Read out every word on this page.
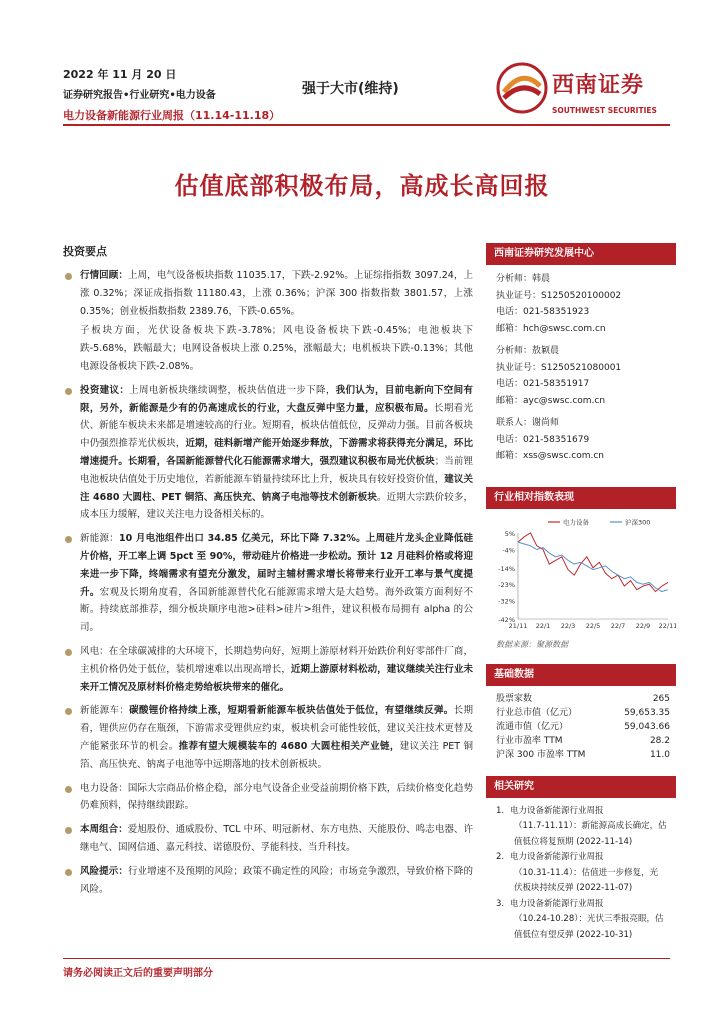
2022 年 11 月 20 日
证券研究报告•行业研究•电力设备
电力设备新能源行业周报（11.14-11.18）
强于大市(维持)	西南证券
SOUTHWEST SECURITIES
估值底部积极布局，高成长高回报
投资要点
行情回顾：上周，电气设备板块指数 11035.17，下跌-2.92%。上证综指指数 3097.24，上涨 0.32%；深证成指指数 11180.43，上涨 0.36%；沪深 300 指数指数 3801.57，上涨 0.35%；创业板指数指数 2389.76，下跌-0.65%。
子板块方面，光伏设备板块下跌-3.78%；风电设备板块下跌-0.45%；电池板块下跌-5.68%，跌幅最大；电网设备板块上涨 0.25%，涨幅最大；电机板块下跌-0.13%；其他电源设备板块下跌-2.08%。
投资建议：上周电新板块继续调整，板块估值进一步下降，我们认为，目前电新向下空间有限，另外，新能源是少有的仍高速成长的行业，大盘反弹中坚力量，应积极布局。长期看光伏、新能车板块未来都是增速较高的行业。短期看，板块估值低位，反弹动力强。目前各板块中仍强烈推荐光伏板块，近期，硅料新增产能开始逐步释放，下游需求将获得充分满足，环比增速提升。长期看，各国新能源替代化石能源需求增大，强烈建议积极布局光伏板块；当前锂电池板块估值处于历史地位，若新能源车销量持续环比上升，板块具有较好投资价值，建议关注 4680 大圆柱、PET 铜箔、高压快充、钠离子电池等技术创新板块。近期大宗跌价较多，成本压力缓解，建议关注电力设备相关标的。
新能源：10 月电池组件出口 34.85 亿美元，环比下降 7.32%。上周硅片龙头企业降低硅片价格，开工率上调 5pct 至 90%，带动硅片价格进一步松动。预计 12 月硅料价格或将迎来进一步下降，终端需求有望充分激发，届时主辅材需求增长将带来行业开工率与景气度提升。宏观及长期角度看，各国新能源替代化石能源需求增大是大趋势。海外政策方面利好不断。持续底部推荐，细分板块顺序电池>硅料>硅片>组件，建议积极布局拥有 alpha 的公司。
风电：在全球碳减排的大环境下，长期趋势向好，短期上游原材料开始跌价利好零部件厂商，主机价格仍处于低位，装机增速难以出现高增长，近期上游原材料松动，建议继续关注行业未来开工情况及原材料价格走势给板块带来的催化。
新能源车：碳酸锂价格持续上涨，短期看新能源车板块估值处于低位，有望继续反弹。长期看，锂供应仍存在瓶颈，下游需求受锂供应约束，板块机会可能性较低，建议关注技术更替及产能紧张环节的机会。推荐有望大规模装车的 4680 大圆柱相关产业链，建议关注 PET 铜箔、高压快充、钠离子电池等中远期落地的技术创新板块。
电力设备：国际大宗商品价格企稳，部分电气设备企业受益前期价格下跌，后续价格变化趋势仍难预料，保持继续跟踪。
本周组合：爱旭股份、通威股份、TCL 中环、明冠新材、东方电热、天能股份、鸣志电器、许继电气、国网信通、嘉元科技、诺德股份、孚能科技、当升科技。
风险提示：行业增速不及预期的风险；政策不确定性的风险；市场竞争激烈，导致价格下降的风险。
西南证券研究发展中心
分析师：韩晨
执业证号：S1250520100002
电话：021-58351923
邮箱：hch@swsc.com.cn
分析师：敖颖晨
执业证号：S1250521080001
电话：021-58351917
邮箱：ayc@swsc.com.cn
联系人：谢尚师
电话：021-58351679
邮箱：xss@swsc.com.cn
行业相对指数表现
5%
-4%
-14%
-23%
-32%
-42%
21/11 22/1 22/3 22/5 22/7 22/9 22/11
电力设备	沪深300
数据来源：聚源数据
基础数据
股票家数	265
行业总市值（亿元）	59,653.35
流通市值（亿元）	59,043.66
行业市盈率 TTM	28.2
沪深 300 市盈率 TTM	11.0
相关研究
1. 电力设备新能源行业周报
（11.7-11.11）：新能源高成长确定，估
值低位将复预期 (2022-11-14)
2. 电力设备新能源行业周报
（10.31-11.4）：估值进一步修复，光
伏板块持续反弹 (2022-11-07)
3. 电力设备新能源行业周报
（10.24-10.28）：光伏三季报亮眼，估
值低位有望反弹 (2022-10-31)
请务必阅读正文后的重要声明部分
